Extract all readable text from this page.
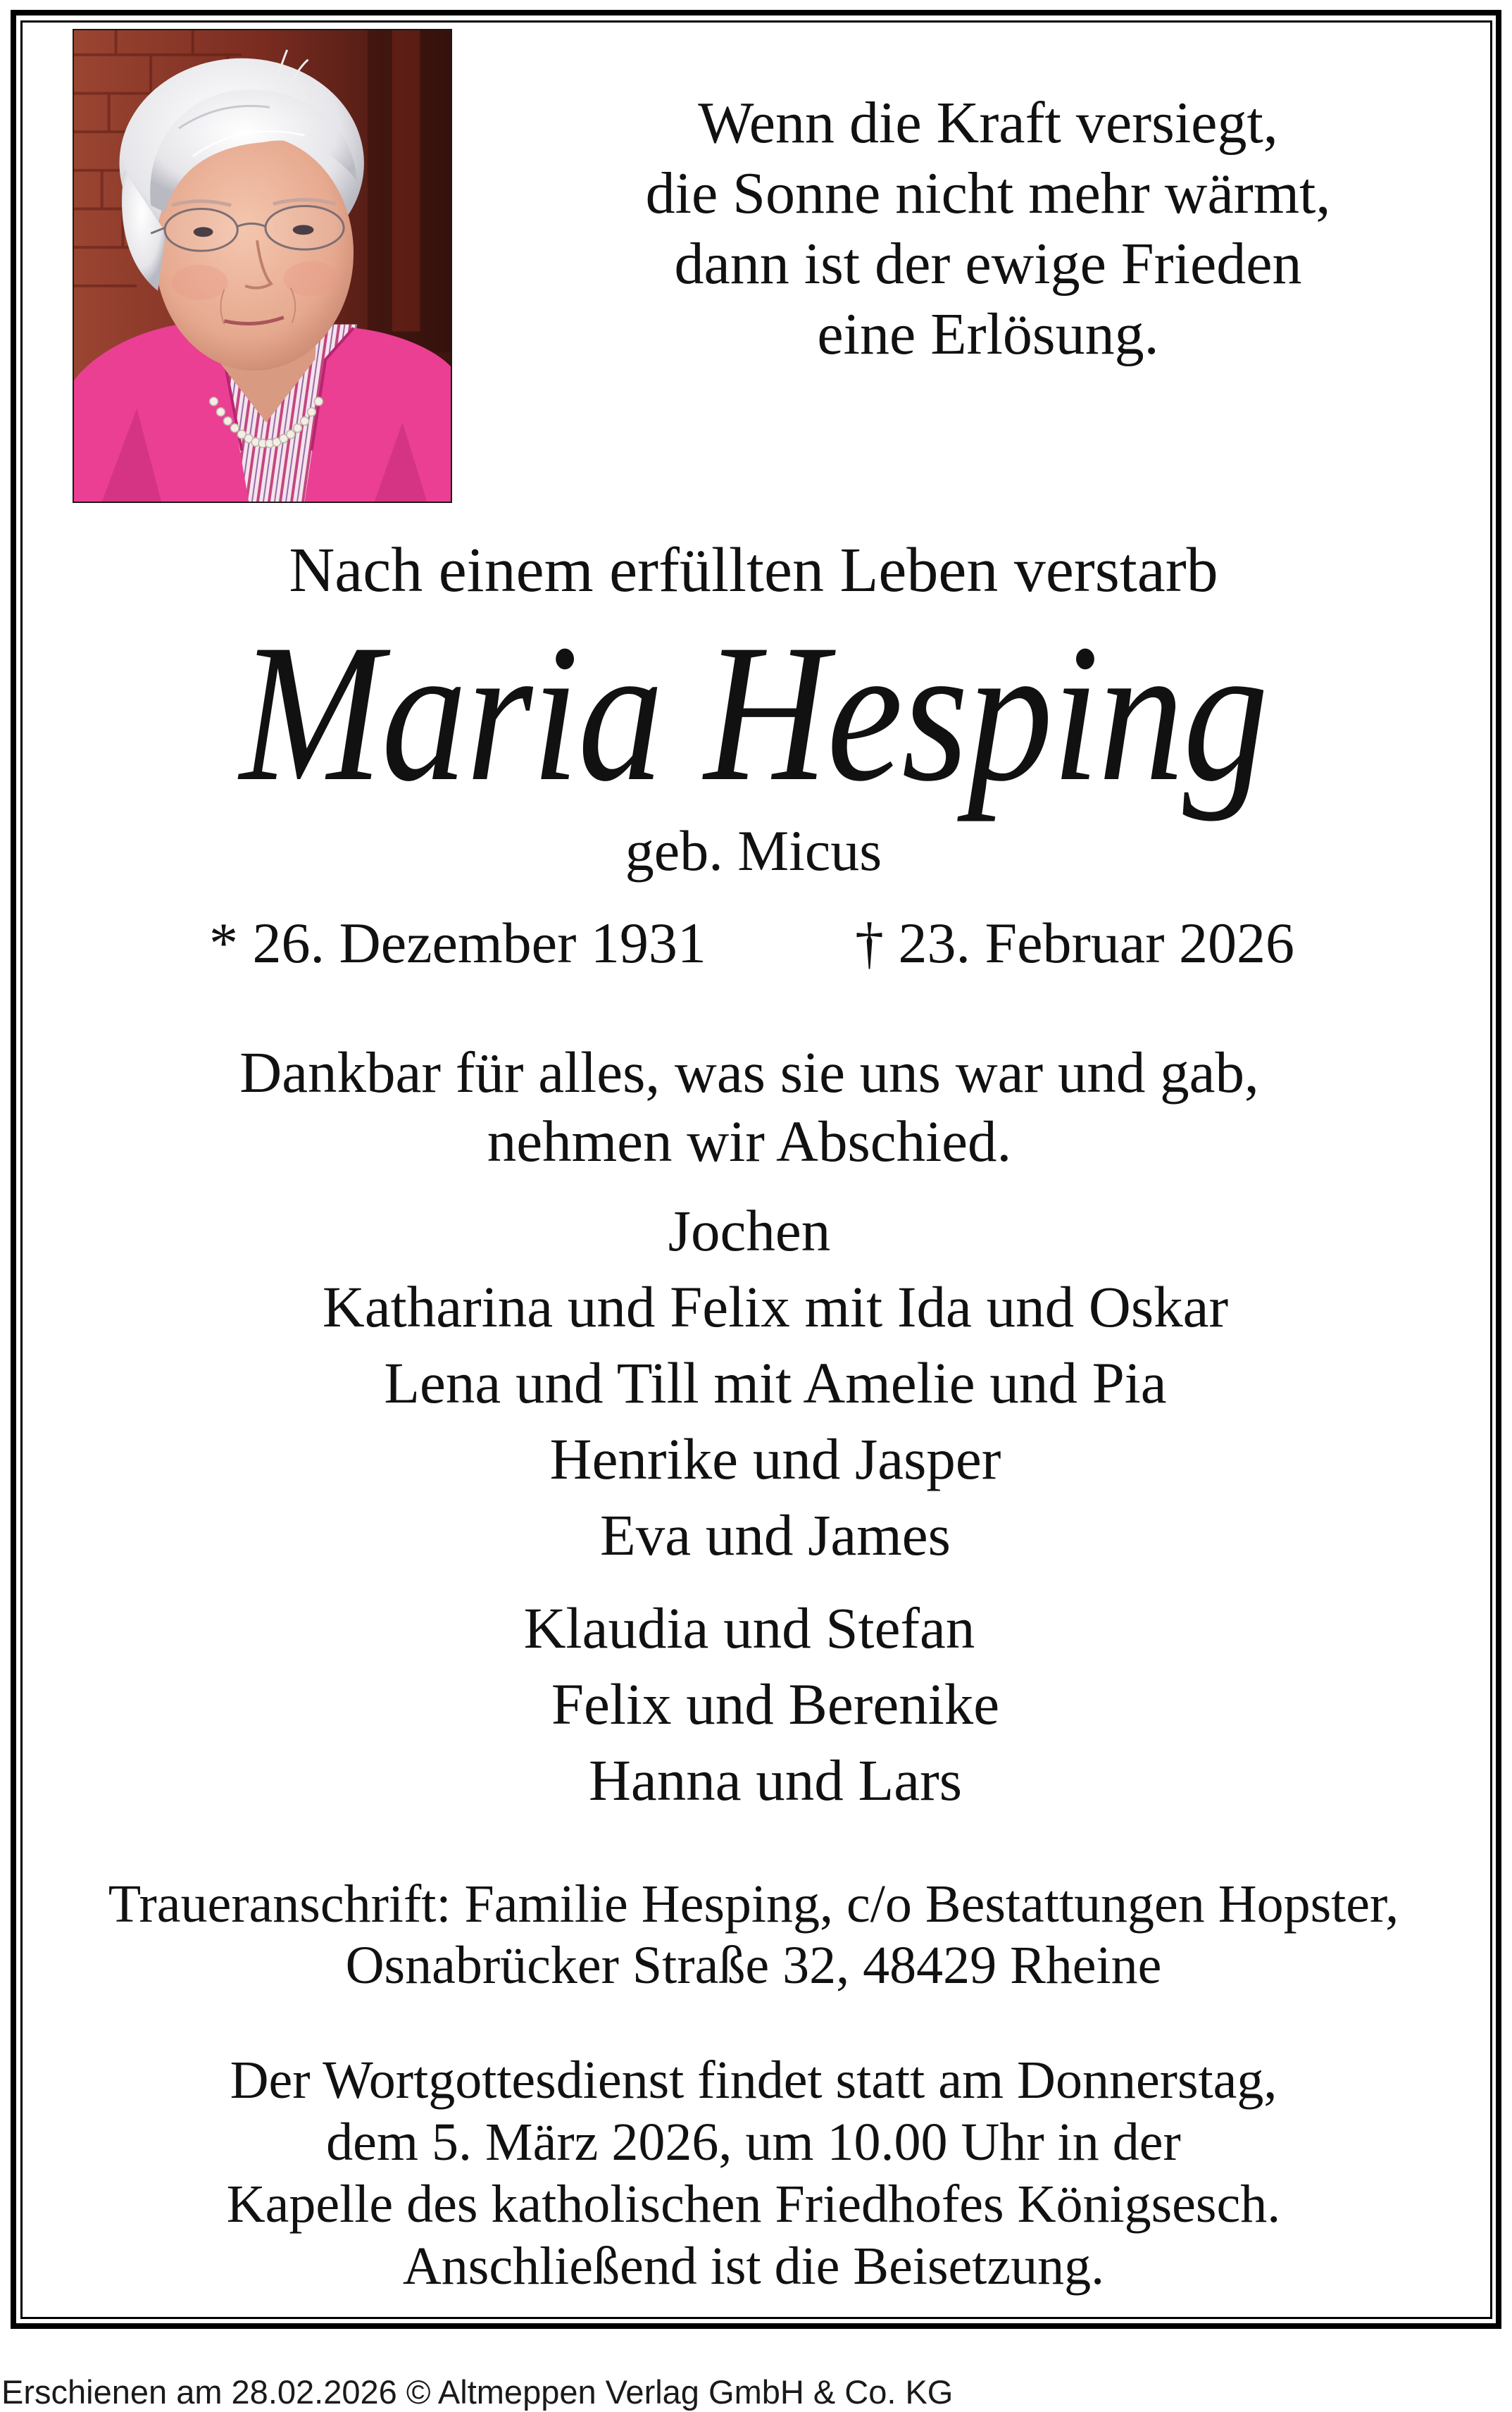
Wenn die Kraft versiegt,
die Sonne nicht mehr wärmt,
dann ist der ewige Frieden
eine Erlösung.
Nach einem erfüllten Leben verstarb
Maria Hesping
geb. Micus
* 26. Dezember 1931	† 23. Februar 2026
Dankbar für alles, was sie uns war und gab,
nehmen wir Abschied.
Jochen
Katharina und Felix mit Ida und Oskar
Lena und Till mit Amelie und Pia
Henrike und Jasper
Eva und James
Klaudia und Stefan
Felix und Berenike
Hanna und Lars
Traueranschrift: Familie Hesping, c/o Bestattungen Hopster,
Osnabrücker Straße 32, 48429 Rheine
Der Wortgottesdienst findet statt am Donnerstag,
dem 5. März 2026, um 10.00 Uhr in der
Kapelle des katholischen Friedhofes Königsesch.
Anschließend ist die Beisetzung.
Erschienen am 28.02.2026 © Altmeppen Verlag GmbH & Co. KG
